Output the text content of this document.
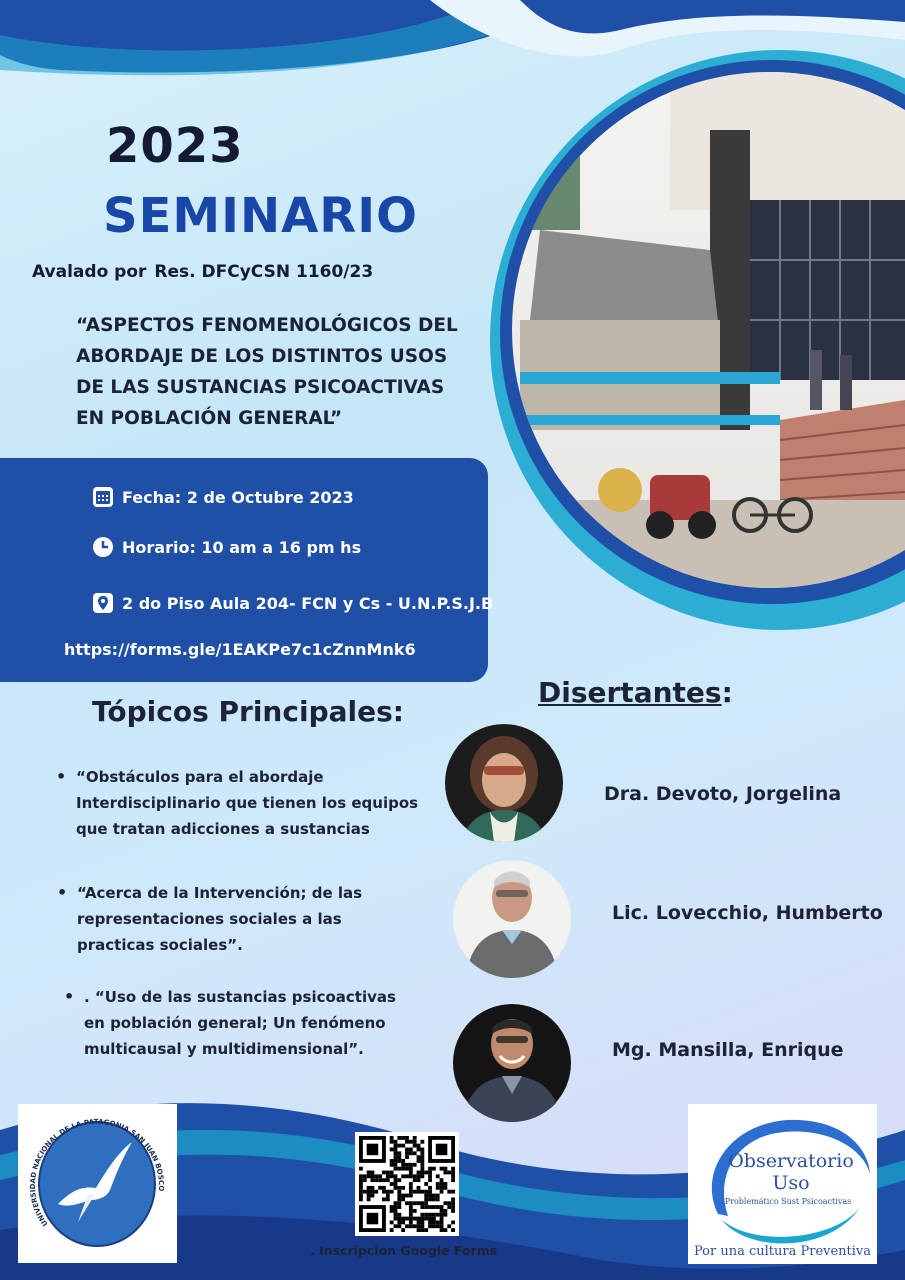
2023
SEMINARIO
Avalado por Res. DFCyCSN 1160/23
“ASPECTOS FENOMENOLÓGICOS DEL
ABORDAJE DE LOS DISTINTOS USOS
DE LAS SUSTANCIAS PSICOACTIVAS
EN POBLACIÓN GENERAL”
Fecha: 2 de Octubre 2023
Horario: 10 am a 16 pm hs
2 do Piso Aula 204- FCN y Cs - U.N.P.S.J.B
https://forms.gle/1EAKPe7c1cZnnMnk6
Tópicos Principales:
Disertantes:
• “Obstáculos para el abordaje
Interdisciplinario que tienen los equipos
que tratan adicciones a sustancias
• “Acerca de la Intervención; de las
representaciones sociales a las
practicas sociales”.
• . “Uso de las sustancias psicoactivas
en población general; Un fenómeno
multicausal y multidimensional”.
Dra. Devoto, Jorgelina
Lic. Lovecchio, Humberto
Mg. Mansilla, Enrique
UNIVERSIDAD NACIONAL DE LA PATAGONIA SAN JUAN BOSCO
. Inscripcion Google Forms
Observatorio
Uso
Problemático Sust Psicoactivas
Por una cultura Preventiva
